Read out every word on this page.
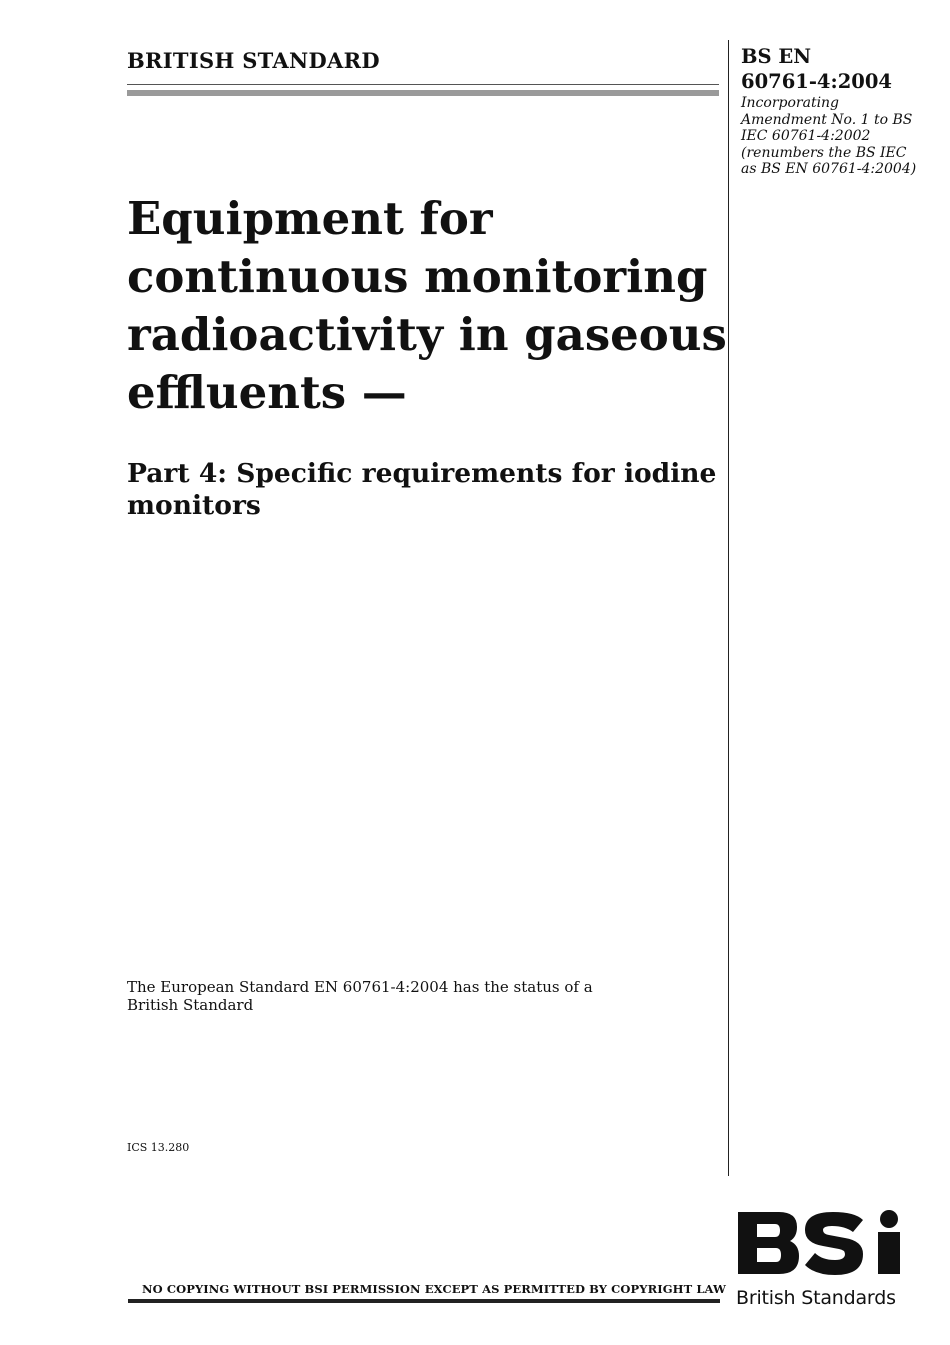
BRITISH STANDARD	BS EN
60761-4:2004

Incorporating Amendment No. 1 to BS IEC 60761-4:2002 (renumbers the BS IEC as BS EN 60761-4:2004)

Equipment for continuous monitoring radioactivity in gaseous effluents —
Part 4: Specific requirements for iodine monitors

The European Standard EN 60761-4:2004 has the status of a British Standard

ICS 13.280

NO COPYING WITHOUT BSI PERMISSION EXCEPT AS PERMITTED BY COPYRIGHT LAW

BSi

British Standards
